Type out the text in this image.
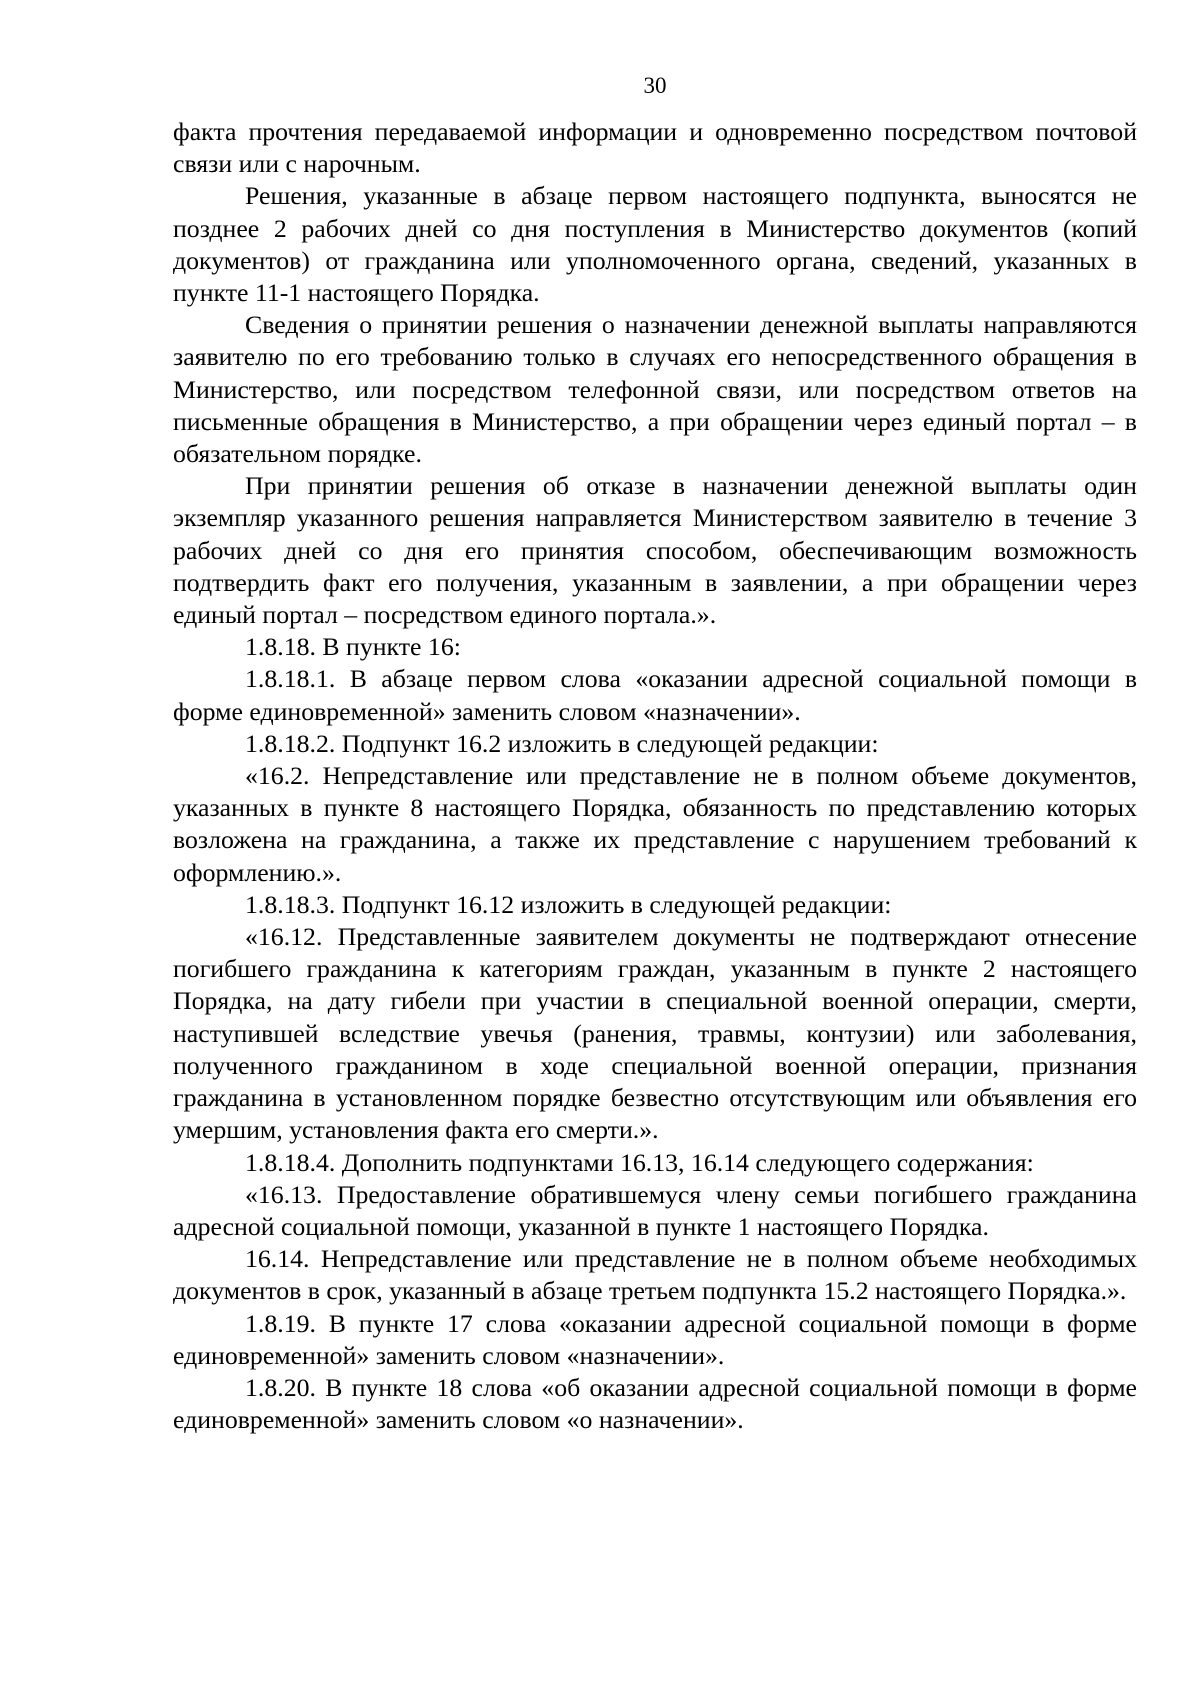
30

факта прочтения передаваемой информации и одновременно посредством почтовой связи или с нарочным.

Решения, указанные в абзаце первом настоящего подпункта, выносятся не позднее 2 рабочих дней со дня поступления в Министерство документов (копий документов) от гражданина или уполномоченного органа, сведений, указанных в пункте 11-1 настоящего Порядка.

Сведения о принятии решения о назначении денежной выплаты направляются заявителю по его требованию только в случаях его непосредственного обращения в Министерство, или посредством телефонной связи, или посредством ответов на письменные обращения в Министерство, а при обращении через единый портал – в обязательном порядке.

При принятии решения об отказе в назначении денежной выплаты один экземпляр указанного решения направляется Министерством заявителю в течение 3 рабочих дней со дня его принятия способом, обеспечивающим возможность подтвердить факт его получения, указанным в заявлении, а при обращении через единый портал – посредством единого портала.».

1.8.18. В пункте 16:

1.8.18.1. В абзаце первом слова «оказании адресной социальной помощи в форме единовременной» заменить словом «назначении».

1.8.18.2. Подпункт 16.2 изложить в следующей редакции:

«16.2. Непредставление или представление не в полном объеме документов, указанных в пункте 8 настоящего Порядка, обязанность по представлению которых возложена на гражданина, а также их представление с нарушением требований к оформлению.».

1.8.18.3. Подпункт 16.12 изложить в следующей редакции:

«16.12. Представленные заявителем документы не подтверждают отнесение погибшего гражданина к категориям граждан, указанным в пункте 2 настоящего Порядка, на дату гибели при участии в специальной военной операции, смерти, наступившей вследствие увечья (ранения, травмы, контузии) или заболевания, полученного гражданином в ходе специальной военной операции, признания гражданина в установленном порядке безвестно отсутствующим или объявления его умершим, установления факта его смерти.».

1.8.18.4. Дополнить подпунктами 16.13, 16.14 следующего содержания:

«16.13. Предоставление обратившемуся члену семьи погибшего гражданина адресной социальной помощи, указанной в пункте 1 настоящего Порядка.

16.14. Непредставление или представление не в полном объеме необходимых документов в срок, указанный в абзаце третьем подпункта 15.2 настоящего Порядка.».

1.8.19. В пункте 17 слова «оказании адресной социальной помощи в форме единовременной» заменить словом «назначении».

1.8.20. В пункте 18 слова «об оказании адресной социальной помощи в форме единовременной» заменить словом «о назначении».
